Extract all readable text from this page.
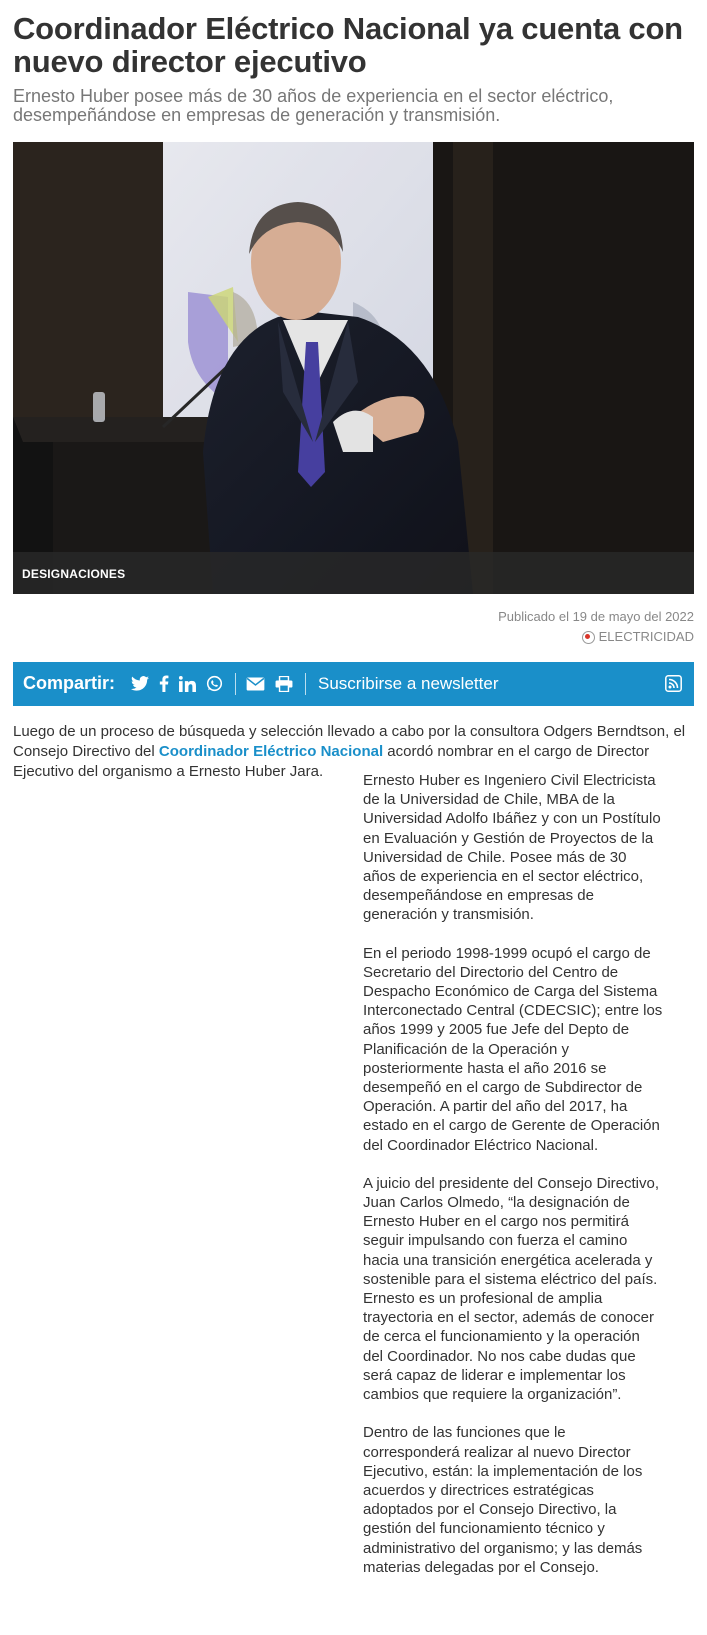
Coordinador Eléctrico Nacional ya cuenta con nuevo director ejecutivo

Ernesto Huber posee más de 30 años de experiencia en el sector eléctrico, desempeñándose en empresas de generación y transmisión.

DESIGNACIONES
Publicado el 19 de mayo del 2022
ELECTRICIDAD
Compartir:	Suscribirse a newsletter

Luego de un proceso de búsqueda y selección llevado a cabo por la consultora Odgers Berndtson, el Consejo Directivo del Coordinador Eléctrico Nacional acordó nombrar en el cargo de Director Ejecutivo del organismo a Ernesto Huber Jara.

Ernesto Huber es Ingeniero Civil Electricista de la Universidad de Chile, MBA de la Universidad Adolfo Ibáñez y con un Postítulo en Evaluación y Gestión de Proyectos de la Universidad de Chile. Posee más de 30 años de experiencia en el sector eléctrico, desempeñándose en empresas de generación y transmisión.

En el periodo 1998-1999 ocupó el cargo de Secretario del Directorio del Centro de Despacho Económico de Carga del Sistema Interconectado Central (CDECSIC); entre los años 1999 y 2005 fue Jefe del Depto de Planificación de la Operación y posteriormente hasta el año 2016 se desempeñó en el cargo de Subdirector de Operación. A partir del año del 2017, ha estado en el cargo de Gerente de Operación del Coordinador Eléctrico Nacional.

A juicio del presidente del Consejo Directivo, Juan Carlos Olmedo, “la designación de Ernesto Huber en el cargo nos permitirá seguir impulsando con fuerza el camino hacia una transición energética acelerada y sostenible para el sistema eléctrico del país. Ernesto es un profesional de amplia trayectoria en el sector, además de conocer de cerca el funcionamiento y la operación del Coordinador. No nos cabe dudas que será capaz de liderar e implementar los cambios que requiere la organización”.

Dentro de las funciones que le corresponderá realizar al nuevo Director Ejecutivo, están: la implementación de los acuerdos y directrices estratégicas adoptados por el Consejo Directivo, la gestión del funcionamiento técnico y administrativo del organismo; y las demás materias delegadas por el Consejo.
